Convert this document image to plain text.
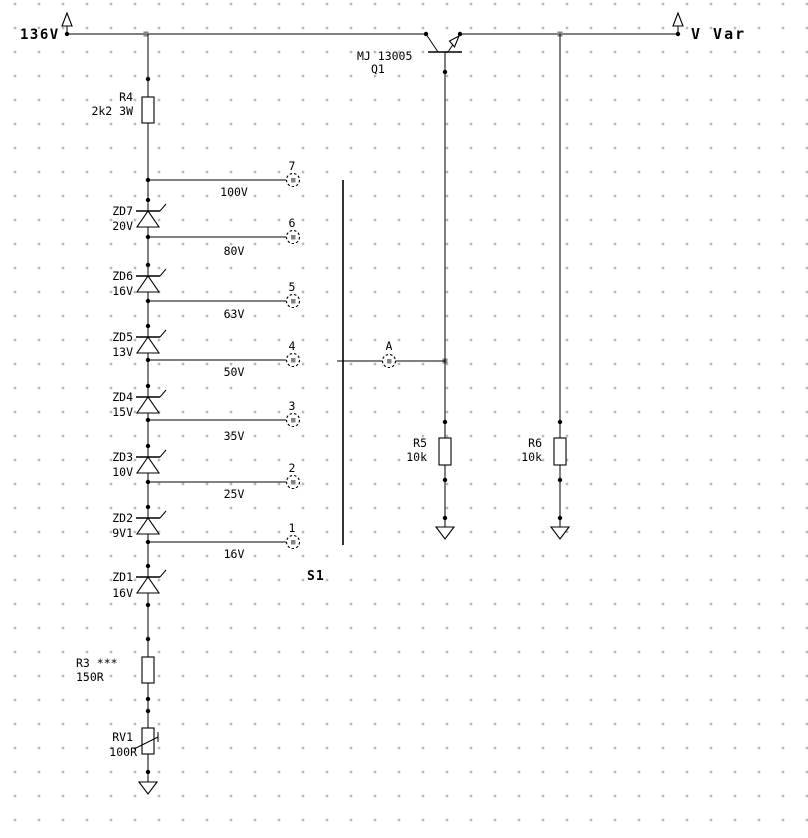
136V	V Var
R4
2k2 3W
ZD7
20V
ZD6
16V
ZD5
13V
ZD4
15V
ZD3
10V
ZD2
9V1
ZD1
16V
R3 ***
150R
RV1
100R
7
100V
6
80V
5
63V
4
50V
3
35V
2
25V
1
16V
S1
A
MJ 13005
Q1
R5
10k
R6
10k
